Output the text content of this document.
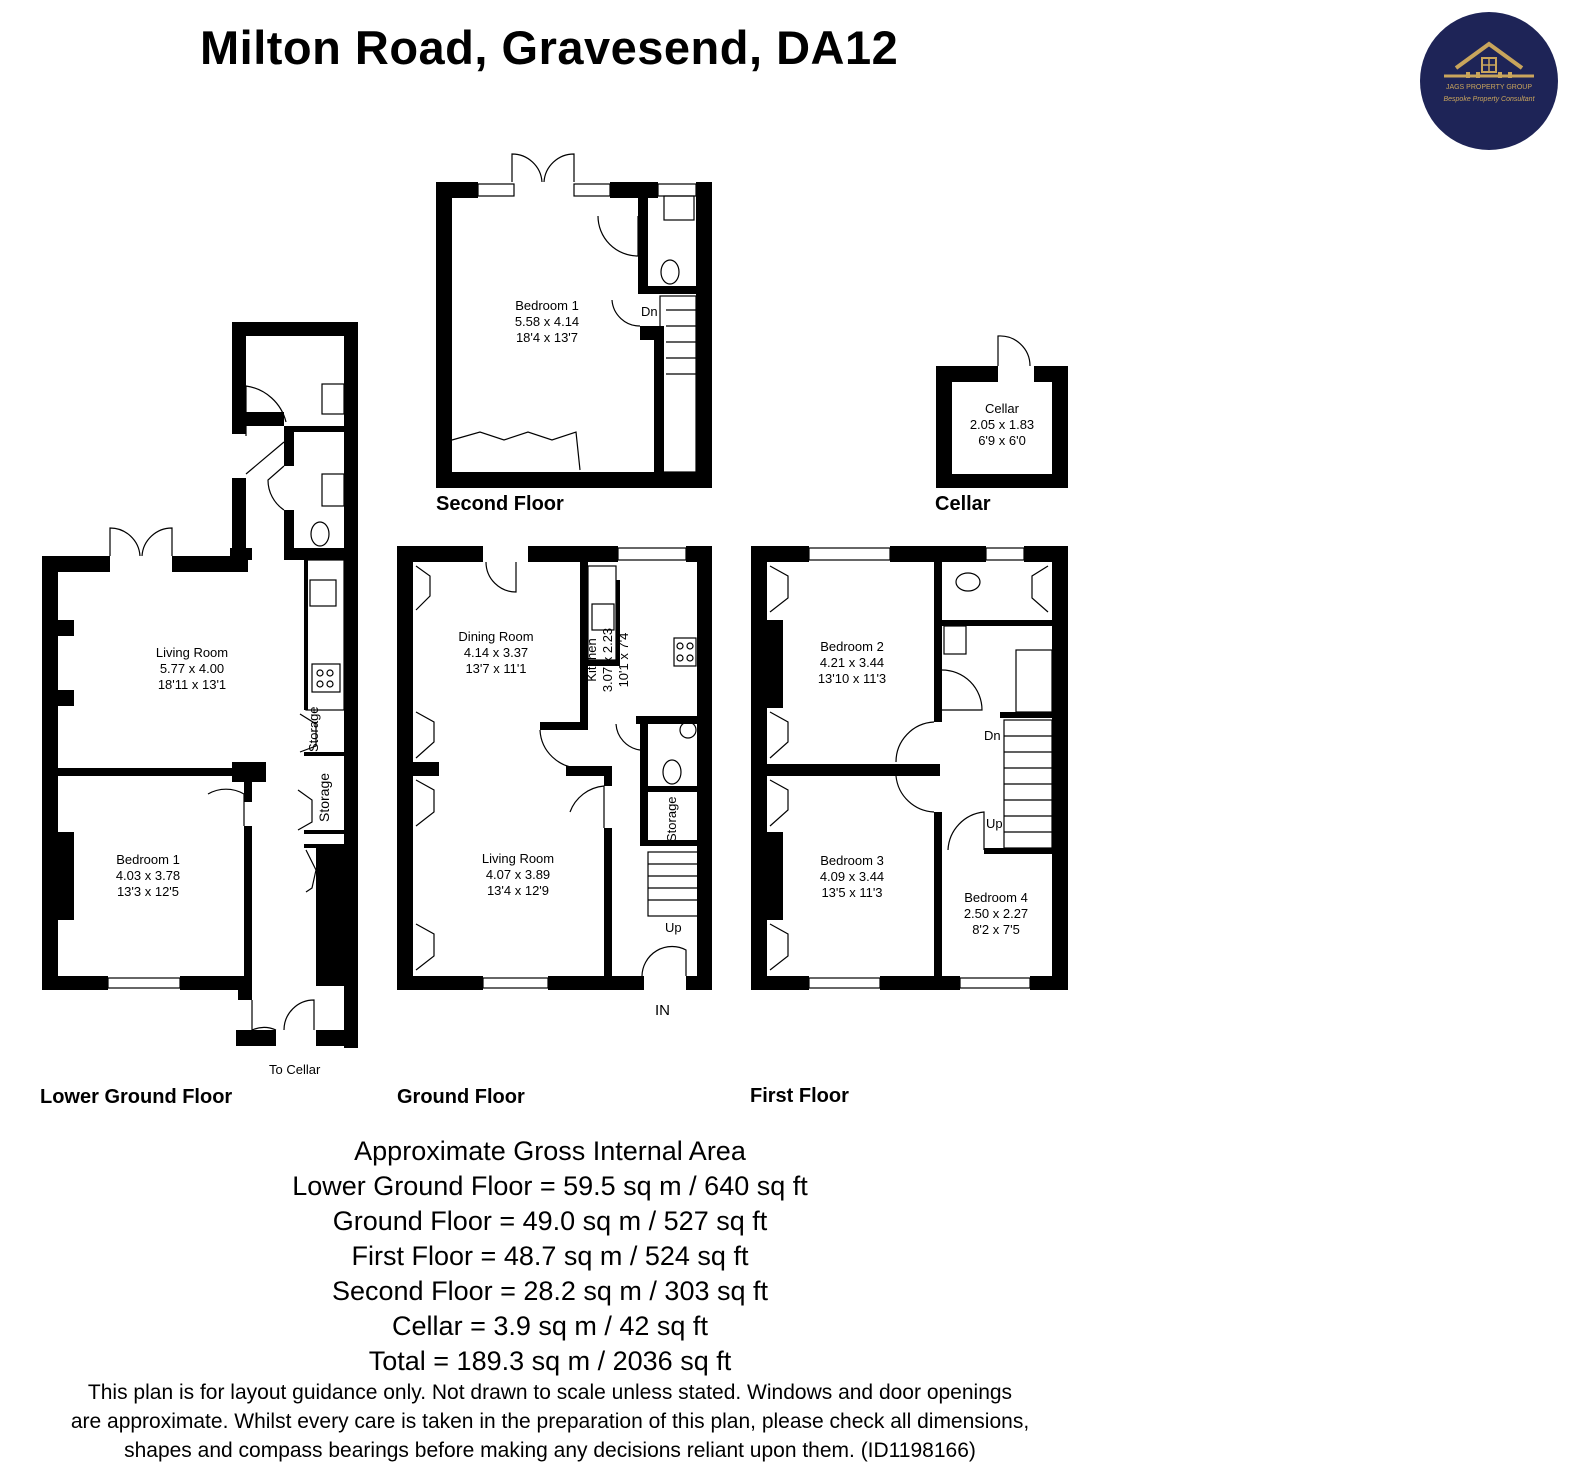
Milton Road, Gravesend, DA12
Lower Ground Floor	Ground Floor	First Floor
Second Floor	Cellar
Living Room
5.77 x 4.00
18'11 x 13'1
Bedroom 1
4.03 x 3.78
13'3 x 12'5
Dining Room
4.14 x 3.37
13'7 x 11'1	Kitchen 3.07 x 2.23 10'1 x 7'4
Living Room
4.07 x 3.89
13'4 x 12'9
Bedroom 2
4.21 x 3.44
13'10 x 11'3
Bedroom 3
4.09 x 3.44
13'5 x 11'3	Bedroom 4
2.50 x 2.27
8'2 x 7'5
Bedroom 1
5.58 x 4.14
18'4 x 13'7
Cellar
2.05 x 1.83
6'9 x 6'0
Storage
Storage	Storage
Dn
Dn
Up
Up
IN
To Cellar
Approximate Gross Internal Area
Lower Ground Floor = 59.5 sq m / 640 sq ft
Ground Floor = 49.0 sq m / 527 sq ft
First Floor = 48.7 sq m / 524 sq ft
Second Floor = 28.2 sq m / 303 sq ft
Cellar = 3.9 sq m / 42 sq ft
Total = 189.3 sq m / 2036 sq ft
This plan is for layout guidance only. Not drawn to scale unless stated. Windows and door openings
are approximate. Whilst every care is taken in the preparation of this plan, please check all dimensions,
shapes and compass bearings before making any decisions reliant upon them. (ID1198166)
JAGS PROPERTY GROUP
Bespoke Property Consultant
